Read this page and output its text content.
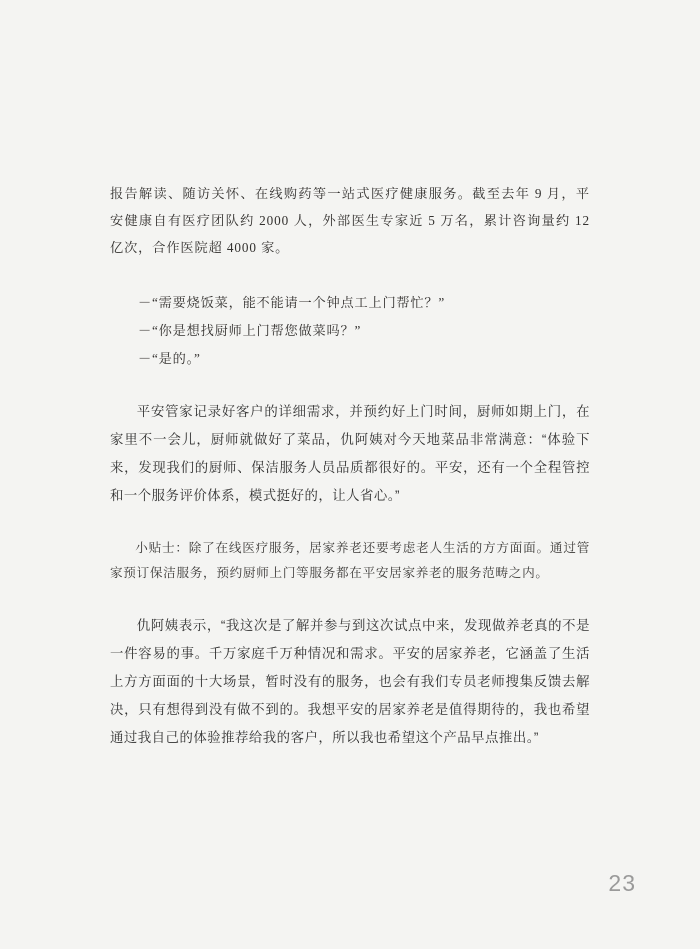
报告解读、随访关怀、在线购药等一站式医疗健康服务。截至去年 9 月，平安健康自有医疗团队约 2000 人，外部医生专家近 5 万名，累计咨询量约 12 亿次，合作医院超 4000 家。

－“需要烧饭菜，能不能请一个钟点工上门帮忙？”
－“你是想找厨师上门帮您做菜吗？”
－“是的。”

平安管家记录好客户的详细需求，并预约好上门时间，厨师如期上门，在家里不一会儿，厨师就做好了菜品，仇阿姨对今天地菜品非常满意：“体验下来，发现我们的厨师、保洁服务人员品质都很好的。平安，还有一个全程管控和一个服务评价体系，模式挺好的，让人省心。”

小贴士：除了在线医疗服务，居家养老还要考虑老人生活的方方面面。通过管家预订保洁服务，预约厨师上门等服务都在平安居家养老的服务范畴之内。

仇阿姨表示，“我这次是了解并参与到这次试点中来，发现做养老真的不是一件容易的事。千万家庭千万种情况和需求。平安的居家养老，它涵盖了生活上方方面面的十大场景，暂时没有的服务，也会有我们专员老师搜集反馈去解决，只有想得到没有做不到的。我想平安的居家养老是值得期待的，我也希望通过我自己的体验推荐给我的客户，所以我也希望这个产品早点推出。”

23
